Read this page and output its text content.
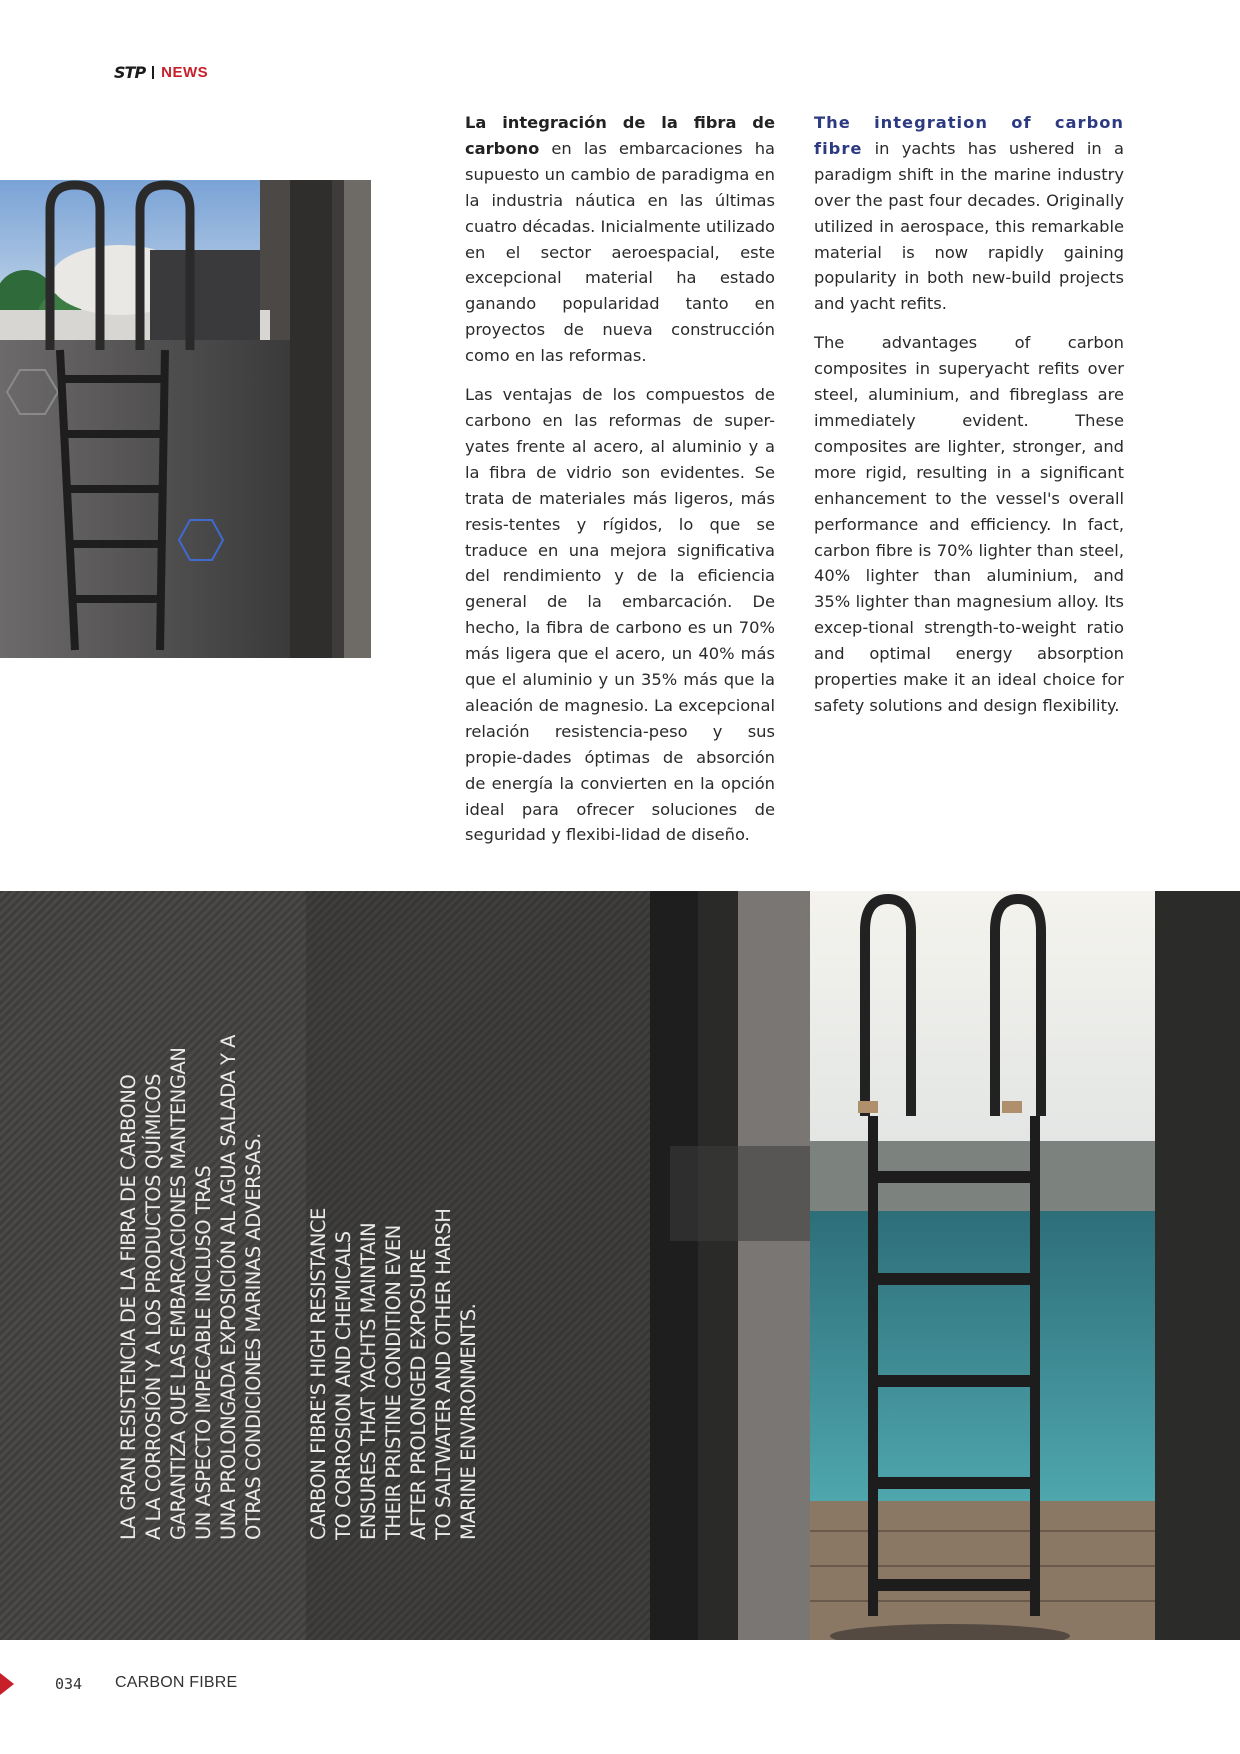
STP NEWS

La integración de la fibra de carbono en las embarcaciones ha supuesto un cambio de paradigma en la industria náutica en las últimas cuatro décadas. Inicialmente utilizado en el sector aeroespacial, este excepcional material ha estado ganando popularidad tanto en proyectos de nueva construcción como en las reformas.

Las ventajas de los compuestos de carbono en las reformas de super-yates frente al acero, al aluminio y a la fibra de vidrio son evidentes. Se trata de materiales más ligeros, más resis-tentes y rígidos, lo que se traduce en una mejora significativa del rendimiento y de la eficiencia general de la embarcación. De hecho, la fibra de carbono es un 70% más ligera que el acero, un 40% más que el aluminio y un 35% más que la aleación de magnesio. La excepcional relación resistencia-peso y sus propie-dades óptimas de absorción de energía la convierten en la opción ideal para ofrecer soluciones de seguridad y flexibi-lidad de diseño.

The integration of carbon fibre in yachts has ushered in a paradigm shift in the marine industry over the past four decades. Originally utilized in aerospace, this remarkable material is now rapidly gaining popularity in both new-build projects and yacht refits.

The advantages of carbon composites in superyacht refits over steel, aluminium, and fibreglass are immediately evident. These composites are lighter, stronger, and more rigid, resulting in a significant enhancement to the vessel's overall performance and efficiency. In fact, carbon fibre is 70% lighter than steel, 40% lighter than aluminium, and 35% lighter than magnesium alloy. Its excep-tional strength-to-weight ratio and optimal energy absorption properties make it an ideal choice for safety solutions and design flexibility.

LA GRAN RESISTENCIA DE LA FIBRA DE CARBONO A LA CORROSIÓN Y A LOS PRODUCTOS QUÍMICOS GARANTIZA QUE LAS EMBARCACIONES MANTENGAN UN ASPECTO IMPECABLE INCLUSO TRAS UNA PROLONGADA EXPOSICIÓN AL AGUA SALADA Y A OTRAS CONDICIONES MARINAS ADVERSAS. CARBON FIBRE'S HIGH RESISTANCE TO CORROSION AND CHEMICALS ENSURES THAT YACHTS MAINTAIN THEIR PRISTINE CONDITION EVEN AFTER PROLONGED EXPOSURE TO SALTWATER AND OTHER HARSH MARINE ENVIRONMENTS.
034 CARBON FIBRE
